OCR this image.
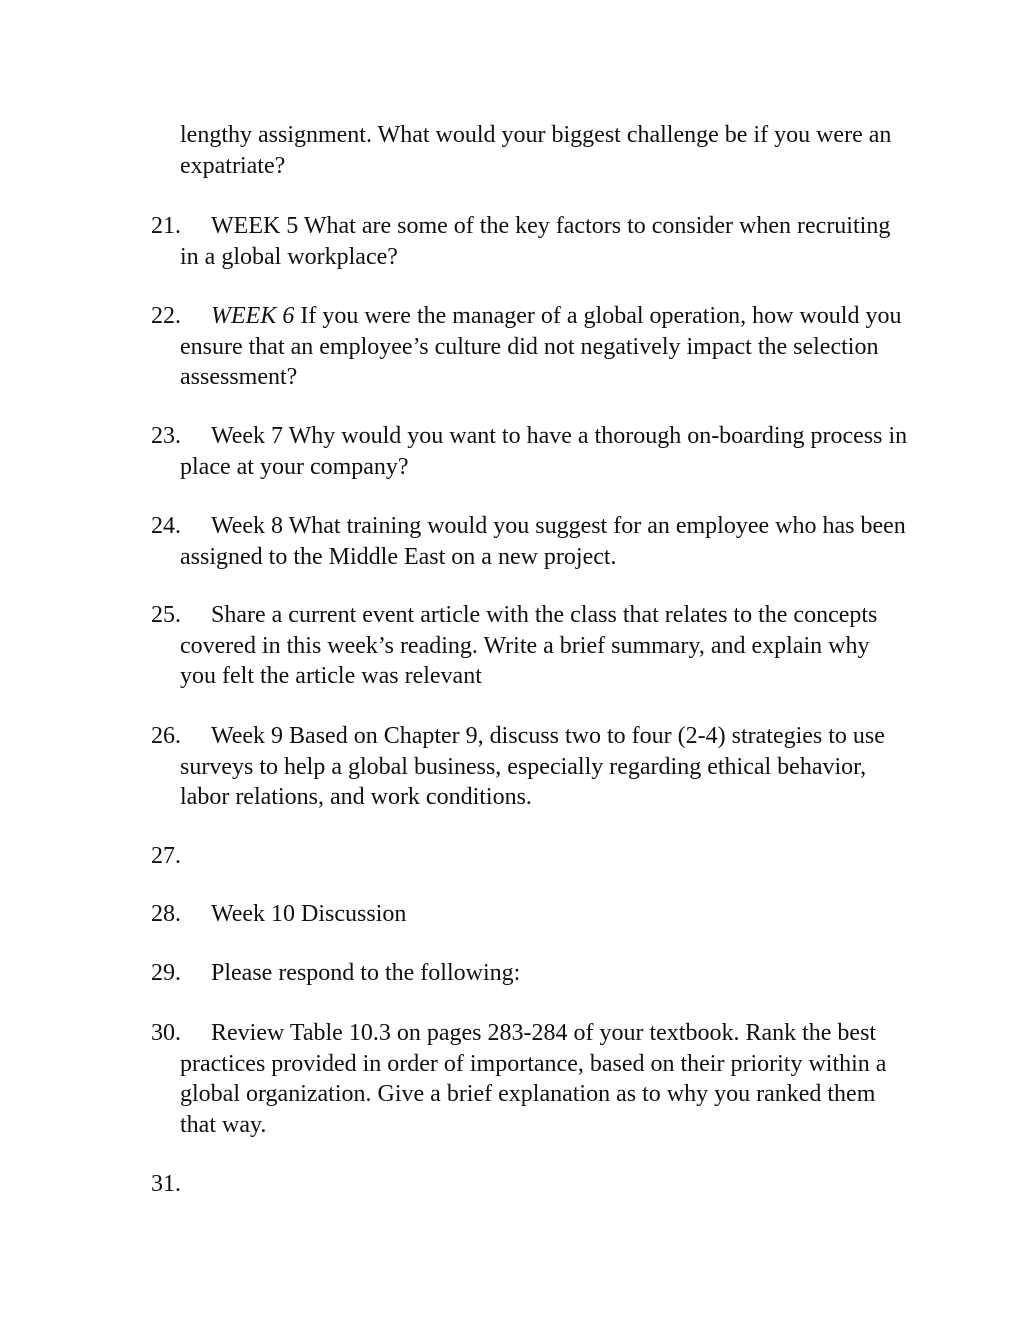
lengthy assignment. What would your biggest challenge be if you were an expatriate?
21.	WEEK 5 What are some of the key factors to consider when recruiting in a global workplace?
22.	WEEK 6 If you were the manager of a global operation, how would you ensure that an employee’s culture did not negatively impact the selection assessment?
23.	Week 7 Why would you want to have a thorough on-boarding process in place at your company?
24.	Week 8 What training would you suggest for an employee who has been assigned to the Middle East on a new project.
25.	Share a current event article with the class that relates to the concepts covered in this week’s reading. Write a brief summary, and explain why you felt the article was relevant
26.	Week 9 Based on Chapter 9, discuss two to four (2-4) strategies to use surveys to help a global business, especially regarding ethical behavior, labor relations, and work conditions.
27.
28.	Week 10 Discussion
29.	Please respond to the following:
30.	Review Table 10.3 on pages 283-284 of your textbook. Rank the best practices provided in order of importance, based on their priority within a global organization. Give a brief explanation as to why you ranked them that way.
31.
